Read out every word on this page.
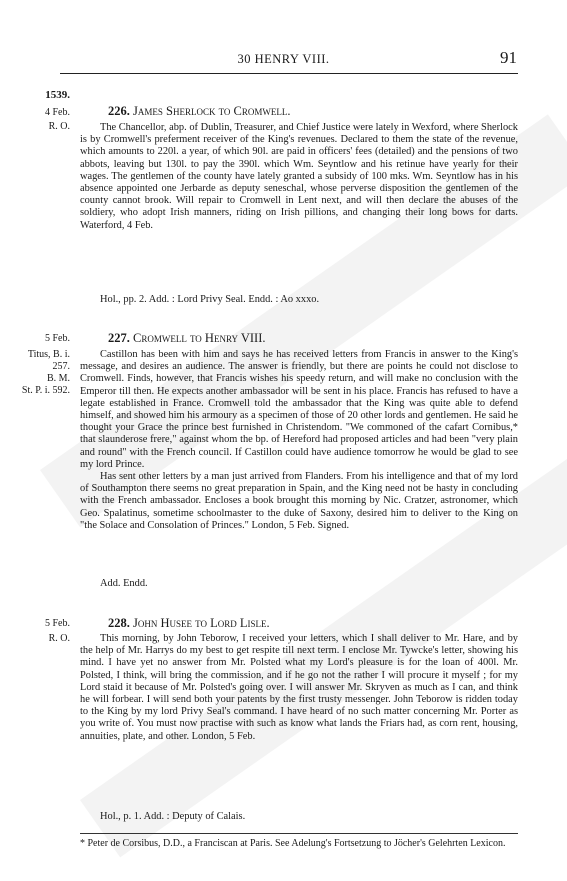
30 HENRY VIII.	91
1539.
4 Feb.
R. O.
226. James Sherlock to Cromwell.

The Chancellor, abp. of Dublin, Treasurer, and Chief Justice were lately in Wexford, where Sherlock is by Cromwell's preferment receiver of the King's revenues. Declared to them the state of the revenue, which amounts to 220l. a year, of which 90l. are paid in officers' fees (detailed) and the pensions of two abbots, leaving but 130l. to pay the 390l. which Wm. Seyntlow and his retinue have yearly for their wages. The gentlemen of the county have lately granted a subsidy of 100 mks. Wm. Seyntlow has in his absence appointed one Jerbarde as deputy seneschal, whose perverse disposition the gentlemen of the county cannot brook. Will repair to Cromwell in Lent next, and will then declare the abuses of the soldiery, who adopt Irish manners, riding on Irish pillions, and changing their long bows for darts. Waterford, 4 Feb.

Hol., pp. 2. Add. : Lord Privy Seal. Endd. : Ao xxxo.

5 Feb.
Titus, B. i.
257.
B. M.
St. P. i. 592.
227. Cromwell to Henry VIII.

Castillon has been with him and says he has received letters from Francis in answer to the King's message, and desires an audience. The answer is friendly, but there are points he could not disclose to Cromwell. Finds, however, that Francis wishes his speedy return, and will make no conclusion with the Emperor till then. He expects another ambassador will be sent in his place. Francis has refused to have a legate established in France. Cromwell told the ambassador that the King was quite able to defend himself, and showed him his armoury as a specimen of those of 20 other lords and gentlemen. He said he thought your Grace the prince best furnished in Christendom. "We commoned of the cafart Cornibus,* that slaunderose frere," against whom the bp. of Hereford had proposed articles and had been "very plain and round" with the French council. If Castillon could have audience tomorrow he would be glad to see my lord Prince.

Has sent other letters by a man just arrived from Flanders. From his intelligence and that of my lord of Southampton there seems no great preparation in Spain, and the King need not be hasty in concluding with the French ambassador. Encloses a book brought this morning by Nic. Cratzer, astronomer, which Geo. Spalatinus, sometime schoolmaster to the duke of Saxony, desired him to deliver to the King on "the Solace and Consolation of Princes." London, 5 Feb. Signed.

Add. Endd.

5 Feb.
R. O.
228. John Husee to Lord Lisle.

This morning, by John Teborow, I received your letters, which I shall deliver to Mr. Hare, and by the help of Mr. Harrys do my best to get respite till next term. I enclose Mr. Tywcke's letter, showing his mind. I have yet no answer from Mr. Polsted what my Lord's pleasure is for the loan of 400l. Mr. Polsted, I think, will bring the commission, and if he go not the rather I will procure it myself ; for my Lord staid it because of Mr. Polsted's going over. I will answer Mr. Skryven as much as I can, and think he will forbear. I will send both your patents by the first trusty messenger. John Teborow is ridden today to the King by my lord Privy Seal's command. I have heard of no such matter concerning Mr. Porter as you write of. You must now practise with such as know what lands the Friars had, as corn rent, housing, annuities, plate, and other. London, 5 Feb.

Hol., p. 1. Add. : Deputy of Calais.

* Peter de Corsibus, D.D., a Franciscan at Paris. See Adelung's Fortsetzung to Jöcher's Gelehrten Lexicon.
